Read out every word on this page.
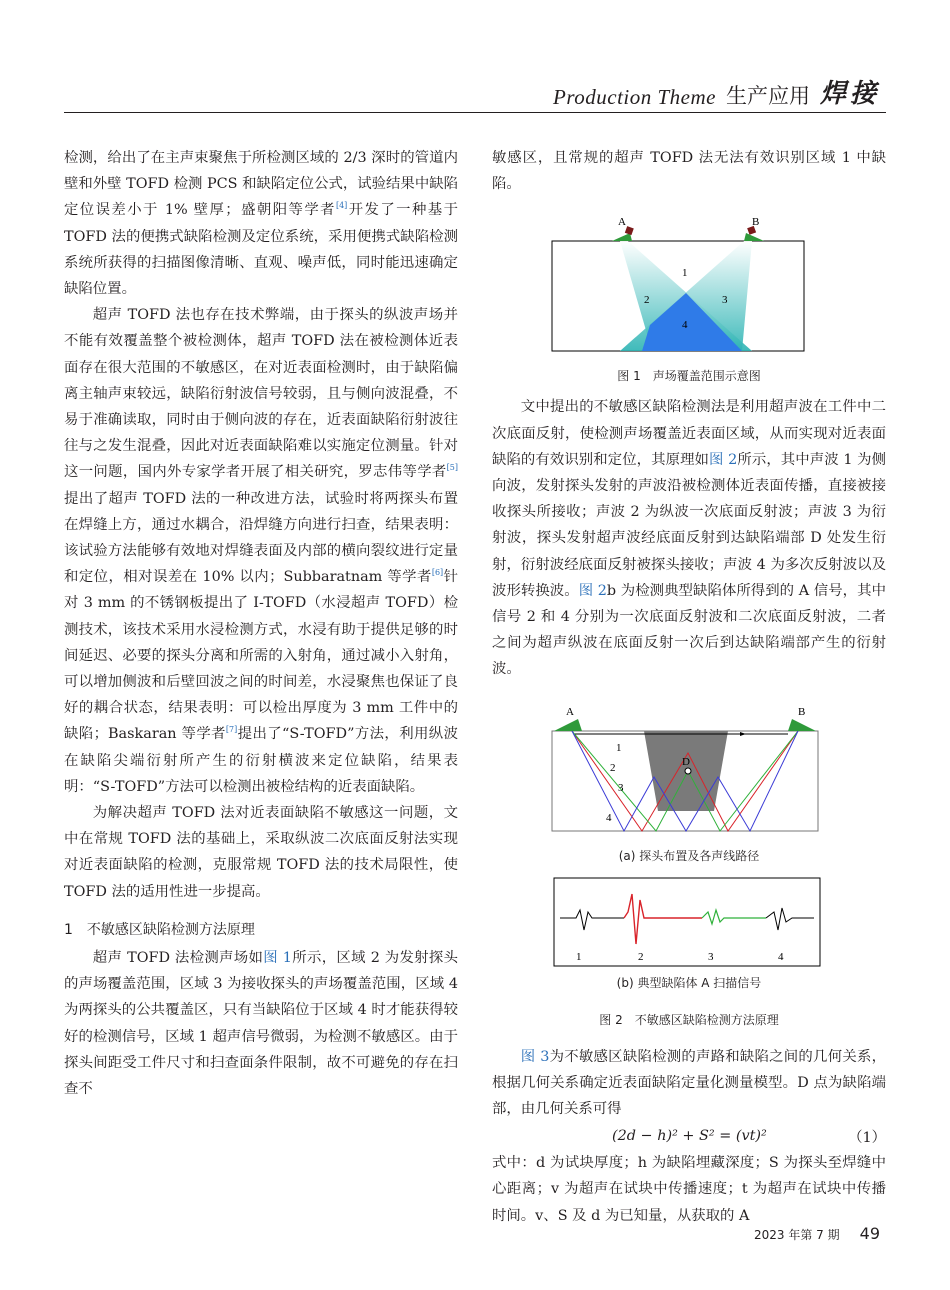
Production Theme 生产应用 焊接

检测，给出了在主声束聚焦于所检测区域的 2/3 深时的管道内壁和外壁 TOFD 检测 PCS 和缺陷定位公式，试验结果中缺陷定位误差小于 1% 壁厚；盛朝阳等学者[4]开发了一种基于 TOFD 法的便携式缺陷检测及定位系统，采用便携式缺陷检测系统所获得的扫描图像清晰、直观、噪声低，同时能迅速确定缺陷位置。

超声 TOFD 法也存在技术弊端，由于探头的纵波声场并不能有效覆盖整个被检测体，超声 TOFD 法在被检测体近表面存在很大范围的不敏感区，在对近表面检测时，由于缺陷偏离主轴声束较远，缺陷衍射波信号较弱，且与侧向波混叠，不易于准确读取，同时由于侧向波的存在，近表面缺陷衍射波往往与之发生混叠，因此对近表面缺陷难以实施定位测量。针对这一问题，国内外专家学者开展了相关研究，罗志伟等学者[5]提出了超声 TOFD 法的一种改进方法，试验时将两探头布置在焊缝上方，通过水耦合，沿焊缝方向进行扫查，结果表明：该试验方法能够有效地对焊缝表面及内部的横向裂纹进行定量和定位，相对误差在 10% 以内；Subbaratnam 等学者[6]针对 3 mm 的不锈钢板提出了 I-TOFD（水浸超声 TOFD）检测技术，该技术采用水浸检测方式，水浸有助于提供足够的时间延迟、必要的探头分离和所需的入射角，通过减小入射角，可以增加侧波和后壁回波之间的时间差，水浸聚焦也保证了良好的耦合状态，结果表明：可以检出厚度为 3 mm 工件中的缺陷；Baskaran 等学者[7]提出了“S-TOFD”方法，利用纵波在缺陷尖端衍射所产生的衍射横波来定位缺陷，结果表明：“S-TOFD”方法可以检测出被检结构的近表面缺陷。

为解决超声 TOFD 法对近表面缺陷不敏感这一问题，文中在常规 TOFD 法的基础上，采取纵波二次底面反射法实现对近表面缺陷的检测，克服常规 TOFD 法的技术局限性，使 TOFD 法的适用性进一步提高。

1　不敏感区缺陷检测方法原理

超声 TOFD 法检测声场如图 1所示，区域 2 为发射探头的声场覆盖范围，区域 3 为接收探头的声场覆盖范围，区域 4 为两探头的公共覆盖区，只有当缺陷位于区域 4 时才能获得较好的检测信号，区域 1 超声信号微弱，为检测不敏感区。由于探头间距受工件尺寸和扫查面条件限制，故不可避免的存在扫查不

敏感区，且常规的超声 TOFD 法无法有效识别区域 1 中缺陷。

A	B
1
2	3
4
图 1　声场覆盖范围示意图

文中提出的不敏感区缺陷检测法是利用超声波在工件中二次底面反射，使检测声场覆盖近表面区域，从而实现对近表面缺陷的有效识别和定位，其原理如图 2所示，其中声波 1 为侧向波，发射探头发射的声波沿被检测体近表面传播，直接被接收探头所接收；声波 2 为纵波一次底面反射波；声波 3 为衍射波，探头发射超声波经底面反射到达缺陷端部 D 处发生衍射，衍射波经底面反射被探头接收；声波 4 为多次反射波以及波形转换波。图 2b 为检测典型缺陷体所得到的 A 信号，其中信号 2 和 4 分别为一次底面反射波和二次底面反射波，二者之间为超声纵波在底面反射一次后到达缺陷端部产生的衍射波。

A	B
D
1
2
3
4
(a) 探头布置及各声线路径
1	2	3	4
(b) 典型缺陷体 A 扫描信号
图 2　不敏感区缺陷检测方法原理

图 3为不敏感区缺陷检测的声路和缺陷之间的几何关系，根据几何关系确定近表面缺陷定量化测量模型。D 点为缺陷端部，由几何关系可得

(2d − h)² + S² = (vt)²	（1）

式中：d 为试块厚度；h 为缺陷埋藏深度；S 为探头至焊缝中心距离；v 为超声在试块中传播速度；t 为超声在试块中传播时间。v、S 及 d 为已知量，从获取的 A

2023 年第 7 期 49
